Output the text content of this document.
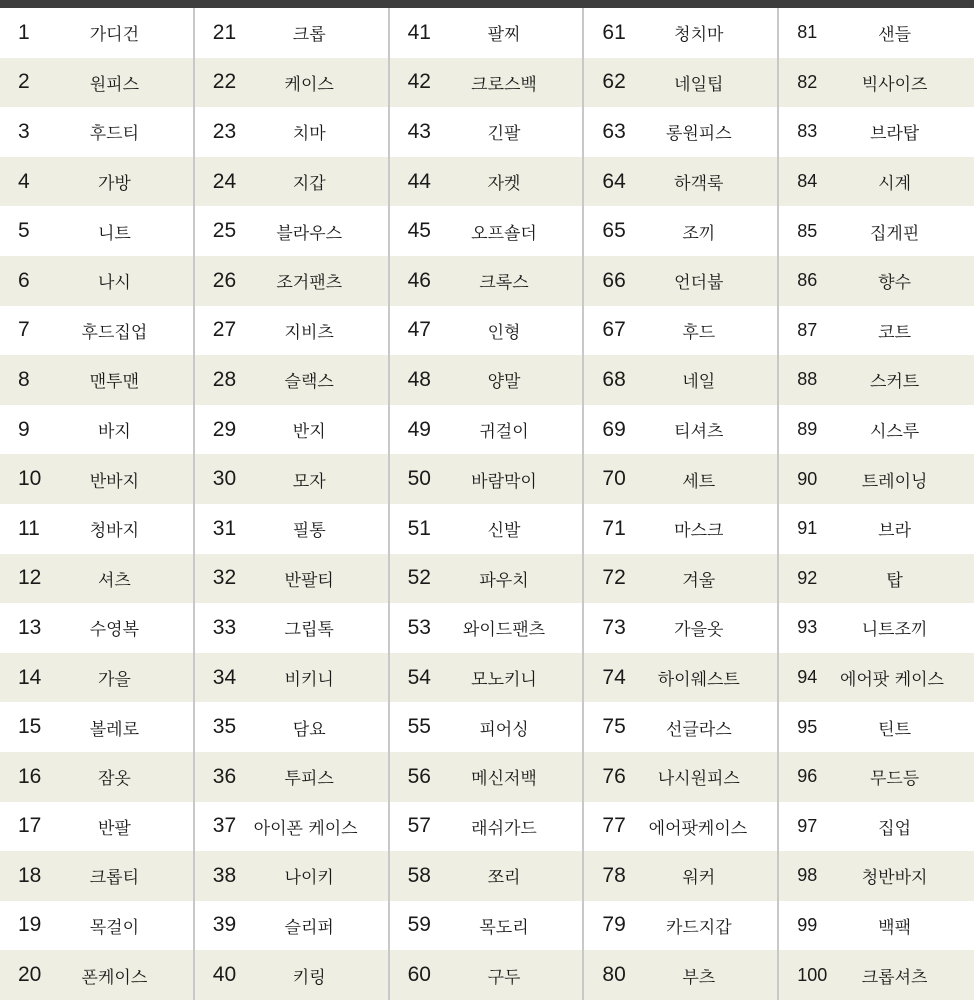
1	가디건	21	크롭	41	팔찌	61	청치마	81	샌들
2	원피스	22	케이스	42	크로스백	62	네일팁	82	빅사이즈
3	후드티	23	치마	43	긴팔	63	롱원피스	83	브라탑
4	가방	24	지갑	44	자켓	64	하객룩	84	시계
5	니트	25	블라우스	45	오프숄더	65	조끼	85	집게핀
6	나시	26	조거팬츠	46	크록스	66	언더붑	86	향수
7	후드집업	27	지비츠	47	인형	67	후드	87	코트
8	맨투맨	28	슬랙스	48	양말	68	네일	88	스커트
9	바지	29	반지	49	귀걸이	69	티셔츠	89	시스루
10	반바지	30	모자	50	바람막이	70	세트	90	트레이닝
11	청바지	31	필통	51	신발	71	마스크	91	브라
12	셔츠	32	반팔티	52	파우치	72	겨울	92	탑
13	수영복	33	그립톡	53	와이드팬츠	73	가을옷	93	니트조끼
14	가을	34	비키니	54	모노키니	74	하이웨스트	94	에어팟 케이스
15	볼레로	35	담요	55	피어싱	75	선글라스	95	틴트
16	잠옷	36	투피스	56	메신저백	76	나시원피스	96	무드등
17	반팔	37	아이폰 케이스	57	래쉬가드	77	에어팟케이스	97	집업
18	크롭티	38	나이키	58	쪼리	78	워커	98	청반바지
19	목걸이	39	슬리퍼	59	목도리	79	카드지갑	99	백팩
20	폰케이스	40	키링	60	구두	80	부츠	100	크롭셔츠
